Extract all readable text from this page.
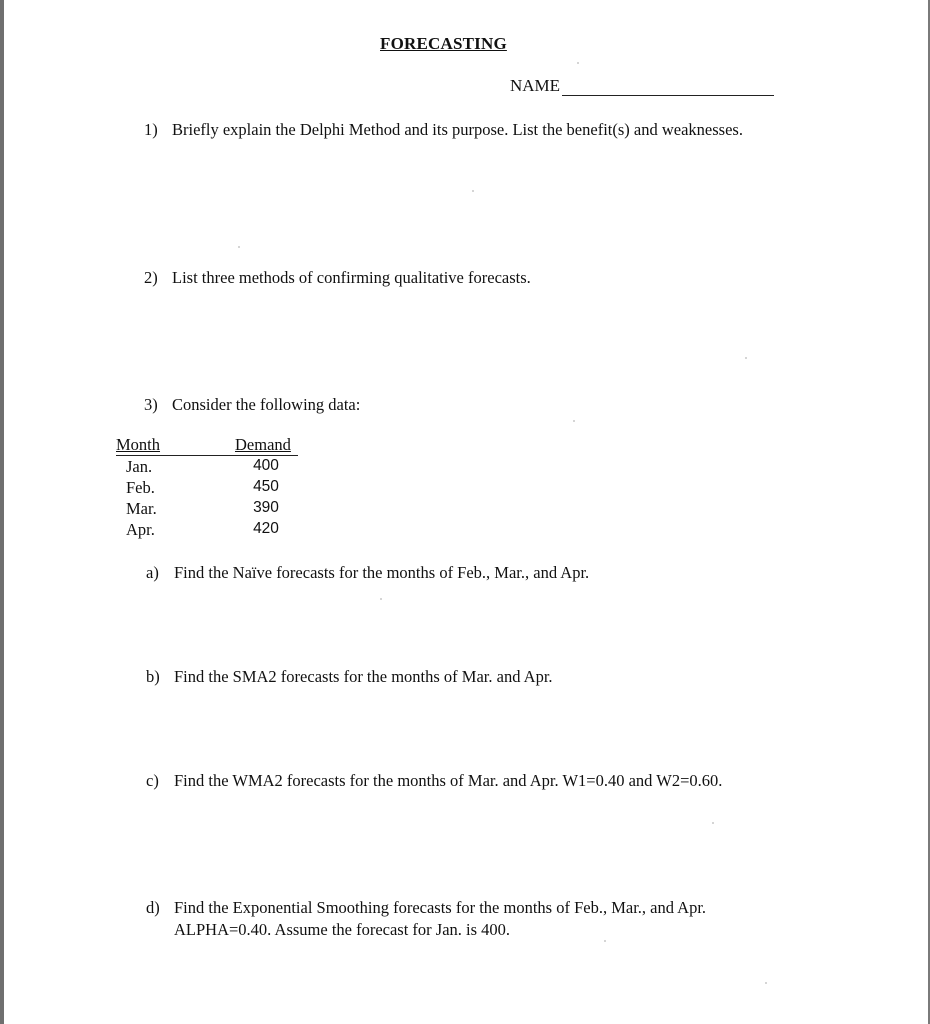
FORECASTING
NAME
1) Briefly explain the Delphi Method and its purpose. List the benefit(s) and weaknesses.
2) List three methods of confirming qualitative forecasts.
3) Consider the following data:
Month	Demand
Jan.	400
Feb.	450
Mar.	390
Apr.	420
a) Find the Naïve forecasts for the months of Feb., Mar., and Apr.
b) Find the SMA2 forecasts for the months of Mar. and Apr.
c) Find the WMA2 forecasts for the months of Mar. and Apr. W1=0.40 and W2=0.60.
d) Find the Exponential Smoothing forecasts for the months of Feb., Mar., and Apr. ALPHA=0.40. Assume the forecast for Jan. is 400.
